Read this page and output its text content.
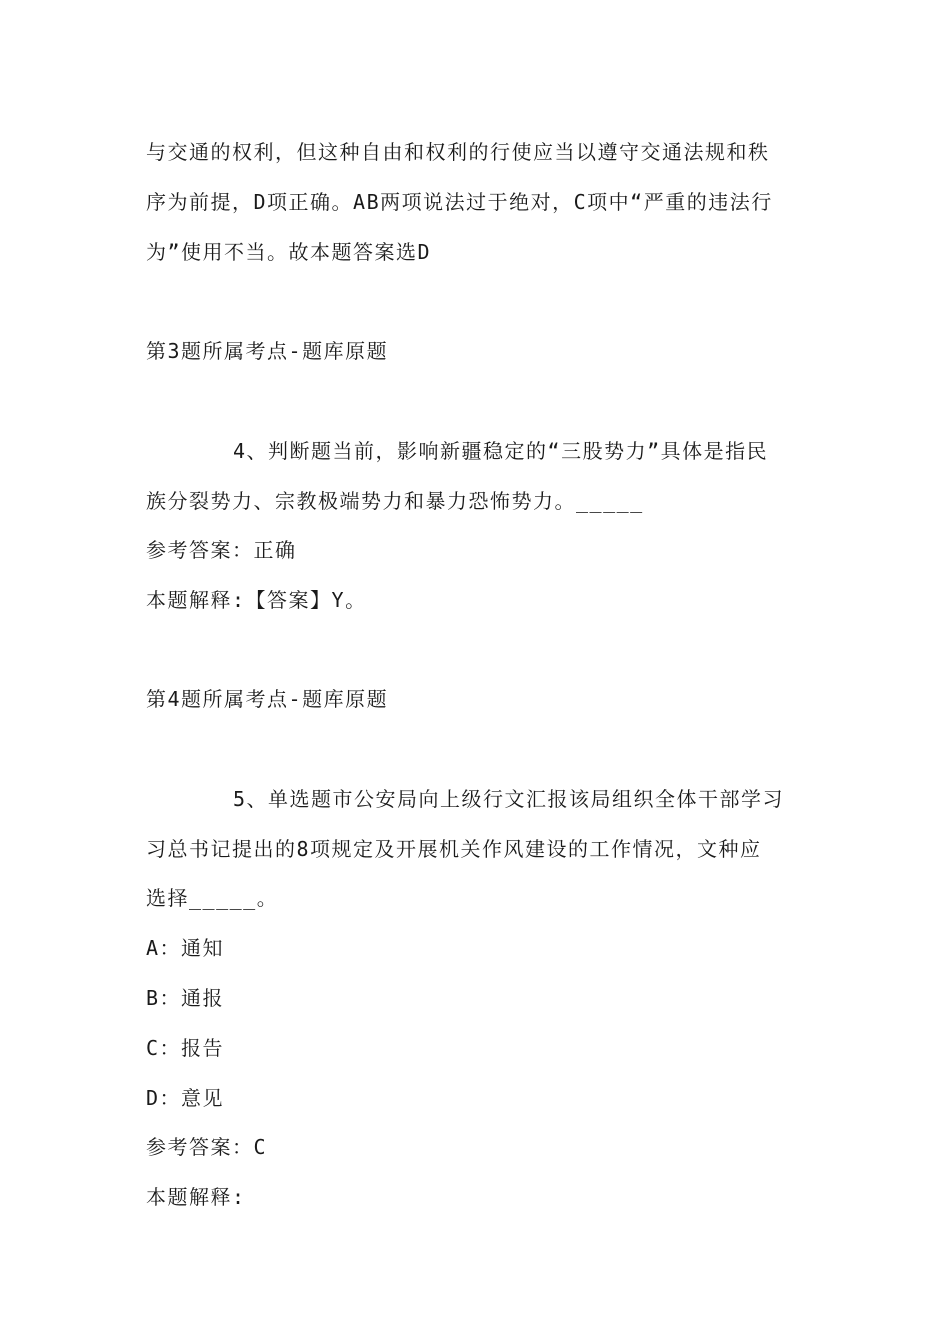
与交通的权利，但这种自由和权利的行使应当以遵守交通法规和秩
序为前提，D项正确。AB两项说法过于绝对，C项中“严重的违法行
为”使用不当。故本题答案选D
第3题所属考点-题库原题
4、判断题当前，影响新疆稳定的“三股势力”具体是指民
族分裂势力、宗教极端势力和暴力恐怖势力。_____
参考答案：正确
本题解释:【答案】Y。
第4题所属考点-题库原题
5、单选题市公安局向上级行文汇报该局组织全体干部学习
习总书记提出的8项规定及开展机关作风建设的工作情况，文种应
选择_____。
A：通知
B：通报
C：报告
D：意见
参考答案：C
本题解释:
